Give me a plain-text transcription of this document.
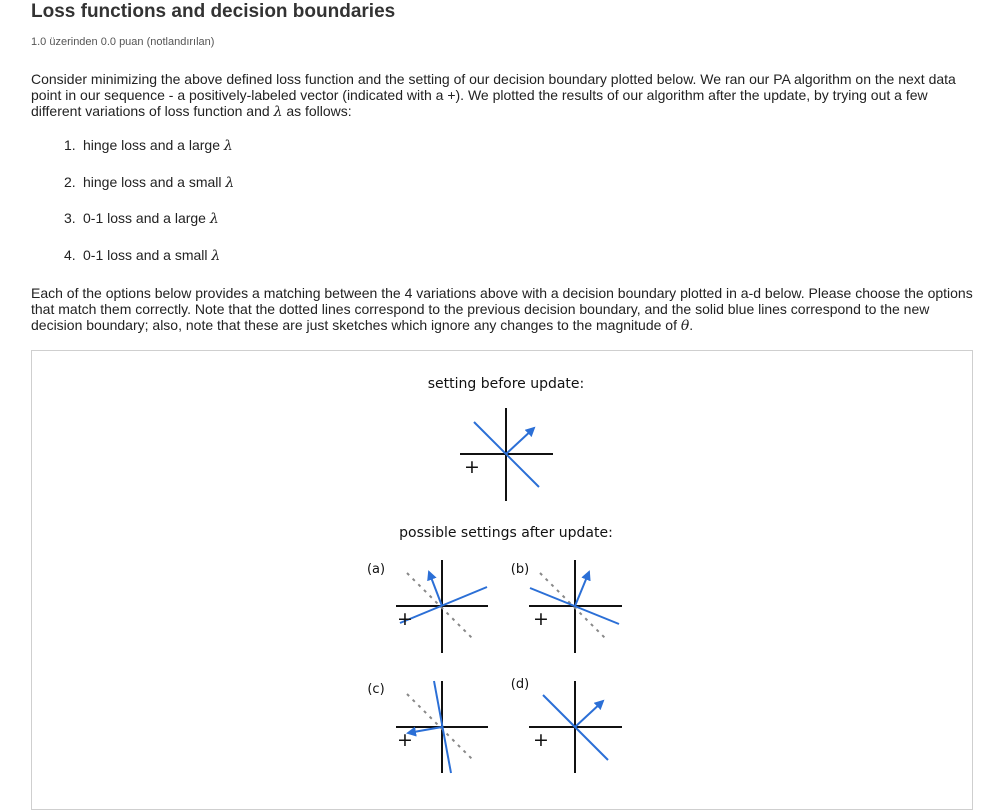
Loss functions and decision boundaries
1.0 üzerinden 0.0 puan (notlandırılan)

Consider minimizing the above defined loss function and the setting of our decision boundary plotted below. We ran our PA algorithm on the next data point in our sequence - a positively-labeled vector (indicated with a +). We plotted the results of our algorithm after the update, by trying out a few different variations of loss function and λ as follows:

1. hinge loss and a large λ
2. hinge loss and a small λ
3. 0-1 loss and a large λ
4. 0-1 loss and a small λ

Each of the options below provides a matching between the 4 variations above with a decision boundary plotted in a-d below. Please choose the options that match them correctly. Note that the dotted lines correspond to the previous decision boundary, and the solid blue lines correspond to the new decision boundary; also, note that these are just sketches which ignore any changes to the magnitude of θ.

setting before update:
+
possible settings after update:
(a)
+
(b)
+
(c)
+
(d)
+
